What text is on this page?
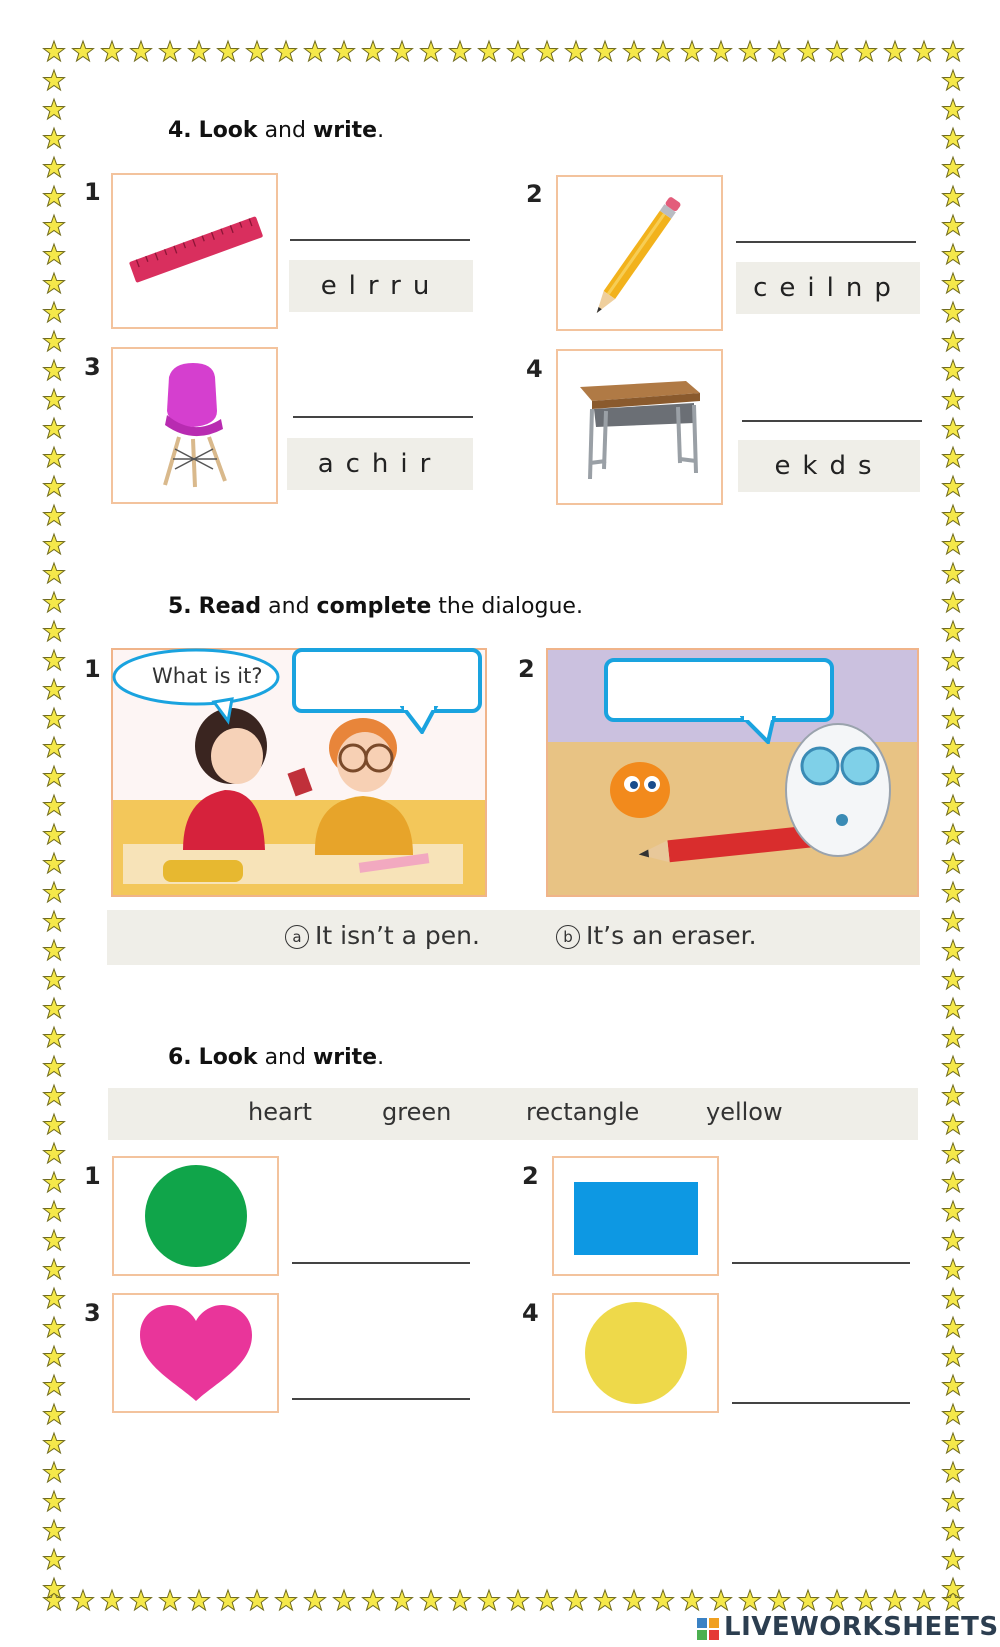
4. Look and write.
1
elrru
2
ceilnp
3
achir
4
ekds
5. Read and complete the dialogue.
1 What is it?	2
a It isn’t a pen.	b It’s an eraser.
6. Look and write.
heart	green	rectangle	yellow
1	2
3	4
LIVEWORKSHEETS
